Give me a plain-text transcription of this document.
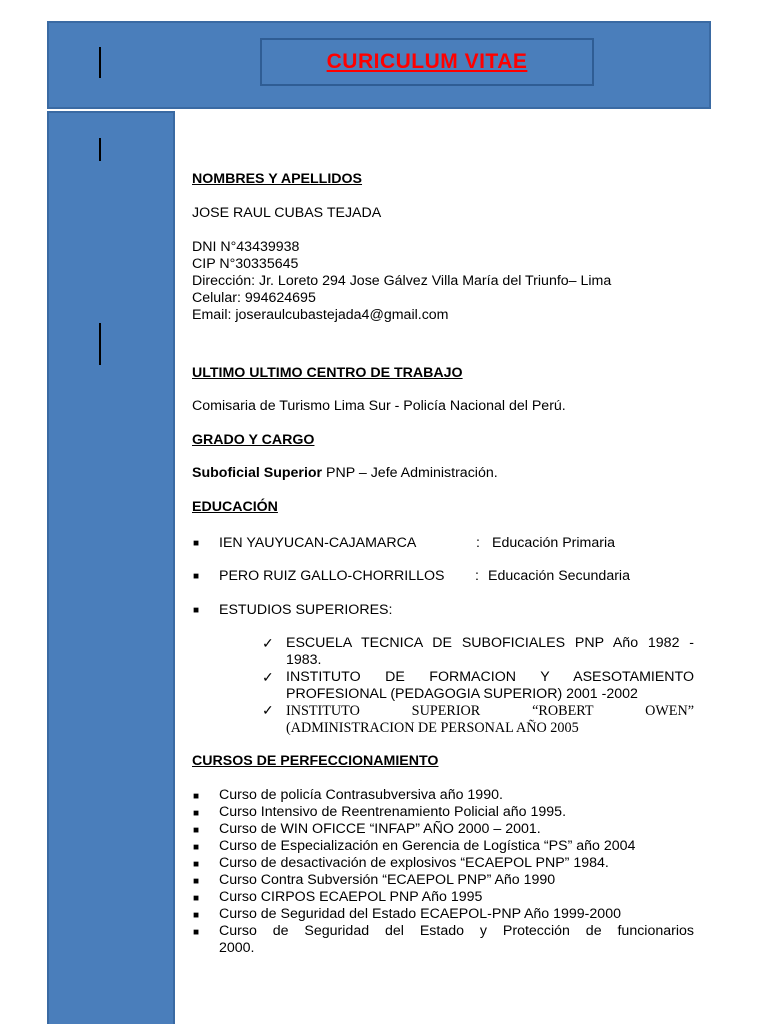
CURICULUM VITAE
NOMBRES Y APELLIDOS
JOSE RAUL CUBAS TEJADA
DNI N°43439938
CIP N°30335645
Dirección: Jr. Loreto 294 Jose Gálvez Villa María del Triunfo– Lima
Celular: 994624695
Email: joseraulcubastejada4@gmail.com
ULTIMO ULTIMO CENTRO DE TRABAJO
Comisaria de Turismo Lima Sur - Policía Nacional del Perú.
GRADO Y CARGO
Suboficial Superior PNP – Jefe Administración.
EDUCACIÓN
■ IEN YAUYUCAN-CAJAMARCA	: Educación Primaria
■ PERO RUIZ GALLO-CHORRILLOS : Educación Secundaria
■ ESTUDIOS SUPERIORES:
✓ ESCUELA TECNICA DE SUBOFICIALES PNP Año 1982 -
1983.
✓ INSTITUTO DE FORMACION Y ASESOTAMIENTO
PROFESIONAL (PEDAGOGIA SUPERIOR) 2001 -2002
✓ INSTITUTO SUPERIOR “ROBERT OWEN”
(ADMINISTRACION DE PERSONAL AÑO 2005
CURSOS DE PERFECCIONAMIENTO
■ Curso de policía Contrasubversiva año 1990.
■ Curso Intensivo de Reentrenamiento Policial año 1995.
■ Curso de WIN OFICCE “INFAP” AÑO 2000 – 2001.
■ Curso de Especialización en Gerencia de Logística “PS” año 2004
■ Curso de desactivación de explosivos “ECAEPOL PNP” 1984.
■ Curso Contra Subversión “ECAEPOL PNP” Año 1990
■ Curso CIRPOS ECAEPOL PNP Año 1995
■ Curso de Seguridad del Estado ECAEPOL-PNP Año 1999-2000
■ Curso de Seguridad del Estado y Protección de funcionarios
2000.
